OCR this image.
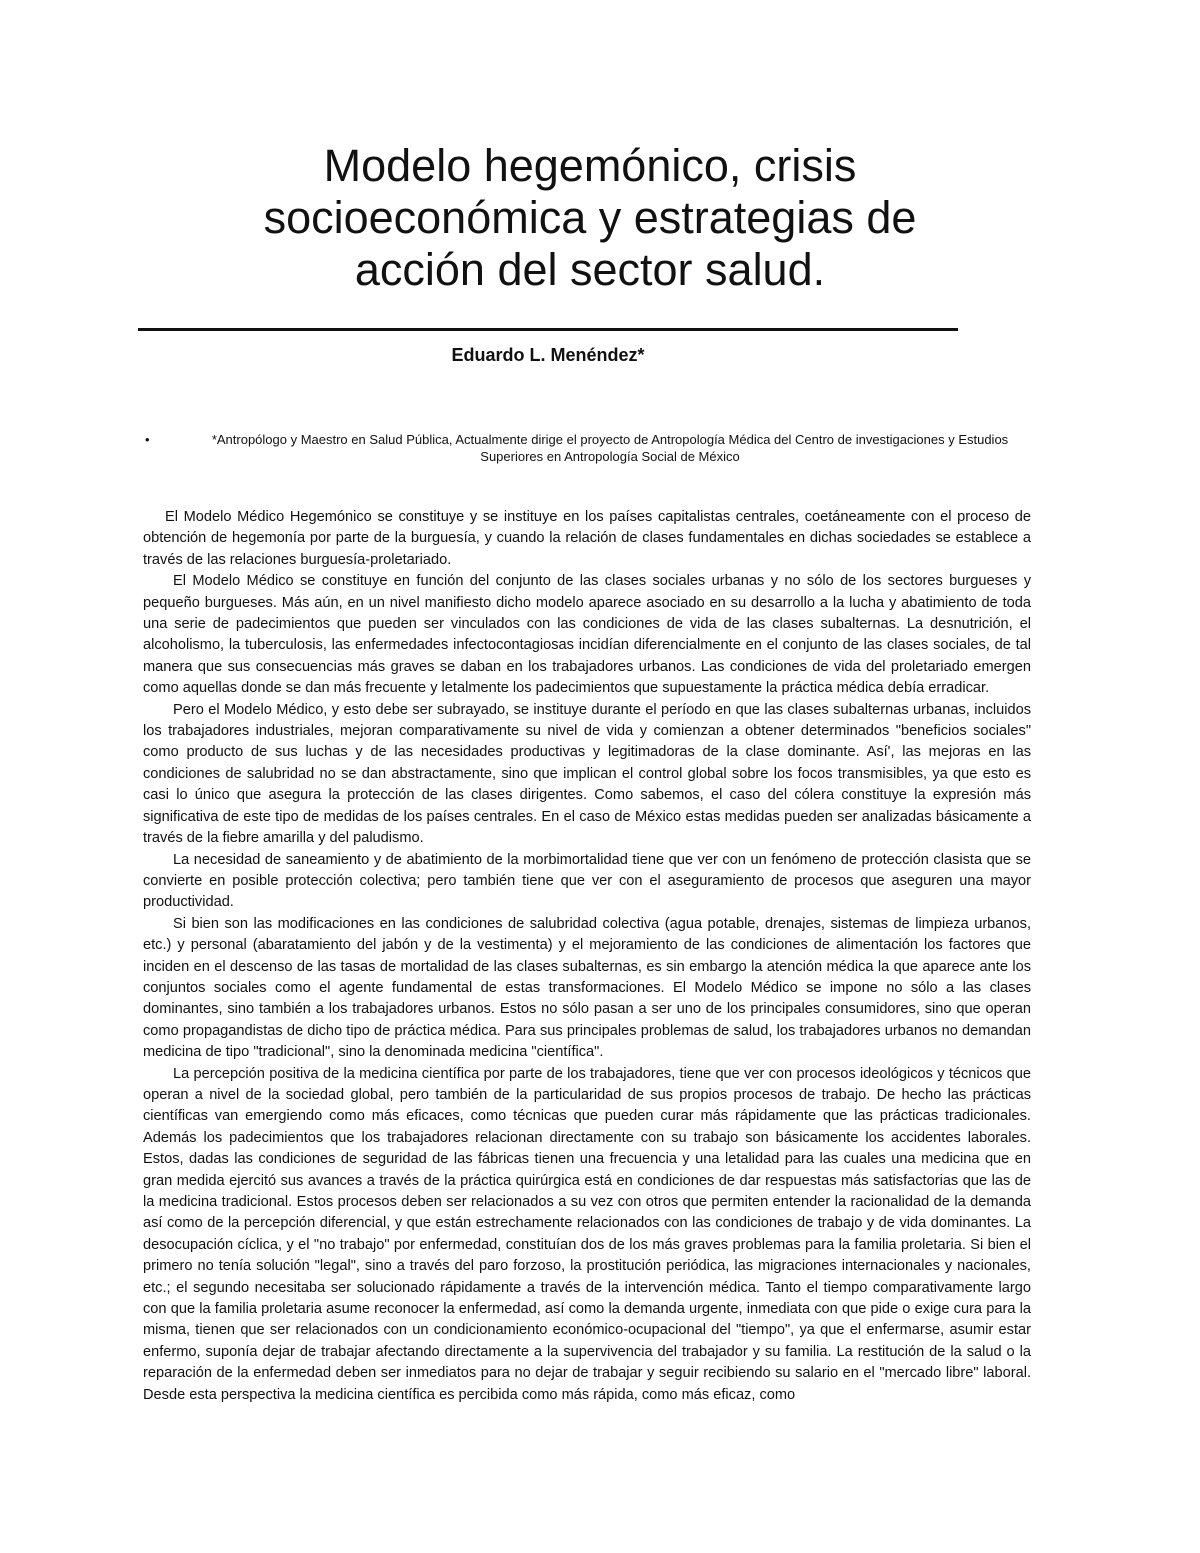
Modelo hegemónico, crisis
socioeconómica y estrategias de
acción del sector salud.
Eduardo L. Menéndez*
•	*Antropólogo y Maestro en Salud Pública, Actualmente dirige el proyecto de Antropología Médica del Centro de investigaciones y Estudios Superiores en Antropología Social de México

El Modelo Médico Hegemónico se constituye y se instituye en los países capitalistas centrales, coetáneamente con el proceso de obtención de hegemonía por parte de la burguesía, y cuando la relación de clases fundamentales en dichas sociedades se establece a través de las relaciones burguesía-proletariado.

El Modelo Médico se constituye en función del conjunto de las clases sociales urbanas y no sólo de los sectores burgueses y pequeño burgueses. Más aún, en un nivel manifiesto dicho modelo aparece asociado en su desarrollo a la lucha y abatimiento de toda una serie de padecimientos que pueden ser vinculados con las condiciones de vida de las clases subalternas. La desnutrición, el alcoholismo, la tuberculosis, las enfermedades infectocontagiosas incidían diferencialmente en el conjunto de las clases sociales, de tal manera que sus consecuencias más graves se daban en los trabajadores urbanos. Las condiciones de vida del proletariado emergen como aquellas donde se dan más frecuente y letalmente los padecimientos que supuestamente la práctica médica debía erradicar.

Pero el Modelo Médico, y esto debe ser subrayado, se instituye durante el período en que las clases subalternas urbanas, incluidos los trabajadores industriales, mejoran comparativamente su nivel de vida y comienzan a obtener determinados "beneficios sociales" como producto de sus luchas y de las necesidades productivas y legitimadoras de la clase dominante. Así', las mejoras en las condiciones de salubridad no se dan abstractamente, sino que implican el control global sobre los focos transmisibles, ya que esto es casi lo único que asegura la protección de las clases dirigentes. Como sabemos, el caso del cólera constituye la expresión más significativa de este tipo de medidas de los países centrales. En el caso de México estas medidas pueden ser analizadas básicamente a través de la fiebre amarilla y del paludismo.

La necesidad de saneamiento y de abatimiento de la morbimortalidad tiene que ver con un fenómeno de protección clasista que se convierte en posible protección colectiva; pero también tiene que ver con el aseguramiento de procesos que aseguren una mayor productividad.

Si bien son las modificaciones en las condiciones de salubridad colectiva (agua potable, drenajes, sistemas de limpieza urbanos, etc.) y personal (abaratamiento del jabón y de la vestimenta) y el mejoramiento de las condiciones de alimentación los factores que inciden en el descenso de las tasas de mortalidad de las clases subalternas, es sin embargo la atención médica la que aparece ante los conjuntos sociales como el agente fundamental de estas transformaciones. El Modelo Médico se impone no sólo a las clases dominantes, sino también a los trabajadores urbanos. Estos no sólo pasan a ser uno de los principales consumidores, sino que operan como propagandistas de dicho tipo de práctica médica. Para sus principales problemas de salud, los trabajadores urbanos no demandan medicina de tipo "tradicional", sino la denominada medicina "científica".

La percepción positiva de la medicina científica por parte de los trabajadores, tiene que ver con procesos ideológicos y técnicos que operan a nivel de la sociedad global, pero también de la particularidad de sus propios procesos de trabajo. De hecho las prácticas científicas van emergiendo como más eficaces, como técnicas que pueden curar más rápidamente que las prácticas tradicionales. Además los padecimientos que los trabajadores relacionan directamente con su trabajo son básicamente los accidentes laborales. Estos, dadas las condiciones de seguridad de las fábricas tienen una frecuencia y una letalidad para las cuales una medicina que en gran medida ejercitó sus avances a través de la práctica quirúrgica está en condiciones de dar respuestas más satisfactorias que las de la medicina tradicional. Estos procesos deben ser relacionados a su vez con otros que permiten entender la racionalidad de la demanda así como de la percepción diferencial, y que están estrechamente relacionados con las condiciones de trabajo y de vida dominantes. La desocupación cíclica, y el "no trabajo" por enfermedad, constituían dos de los más graves problemas para la familia proletaria. Si bien el primero no tenía solución "legal", sino a través del paro forzoso, la prostitución periódica, las migraciones internacionales y nacionales, etc.; el segundo necesitaba ser solucionado rápidamente a través de la intervención médica. Tanto el tiempo comparativamente largo con que la familia proletaria asume reconocer la enfermedad, así como la demanda urgente, inmediata con que pide o exige cura para la misma, tienen que ser relacionados con un condicionamiento económico-ocupacional del "tiempo", ya que el enfermarse, asumir estar enfermo, suponía dejar de trabajar afectando directamente a la supervivencia del trabajador y su familia. La restitución de la salud o la reparación de la enfermedad deben ser inmediatos para no dejar de trabajar y seguir recibiendo su salario en el "mercado libre" laboral. Desde esta perspectiva la medicina científica es percibida como más rápida, como más eficaz, como
